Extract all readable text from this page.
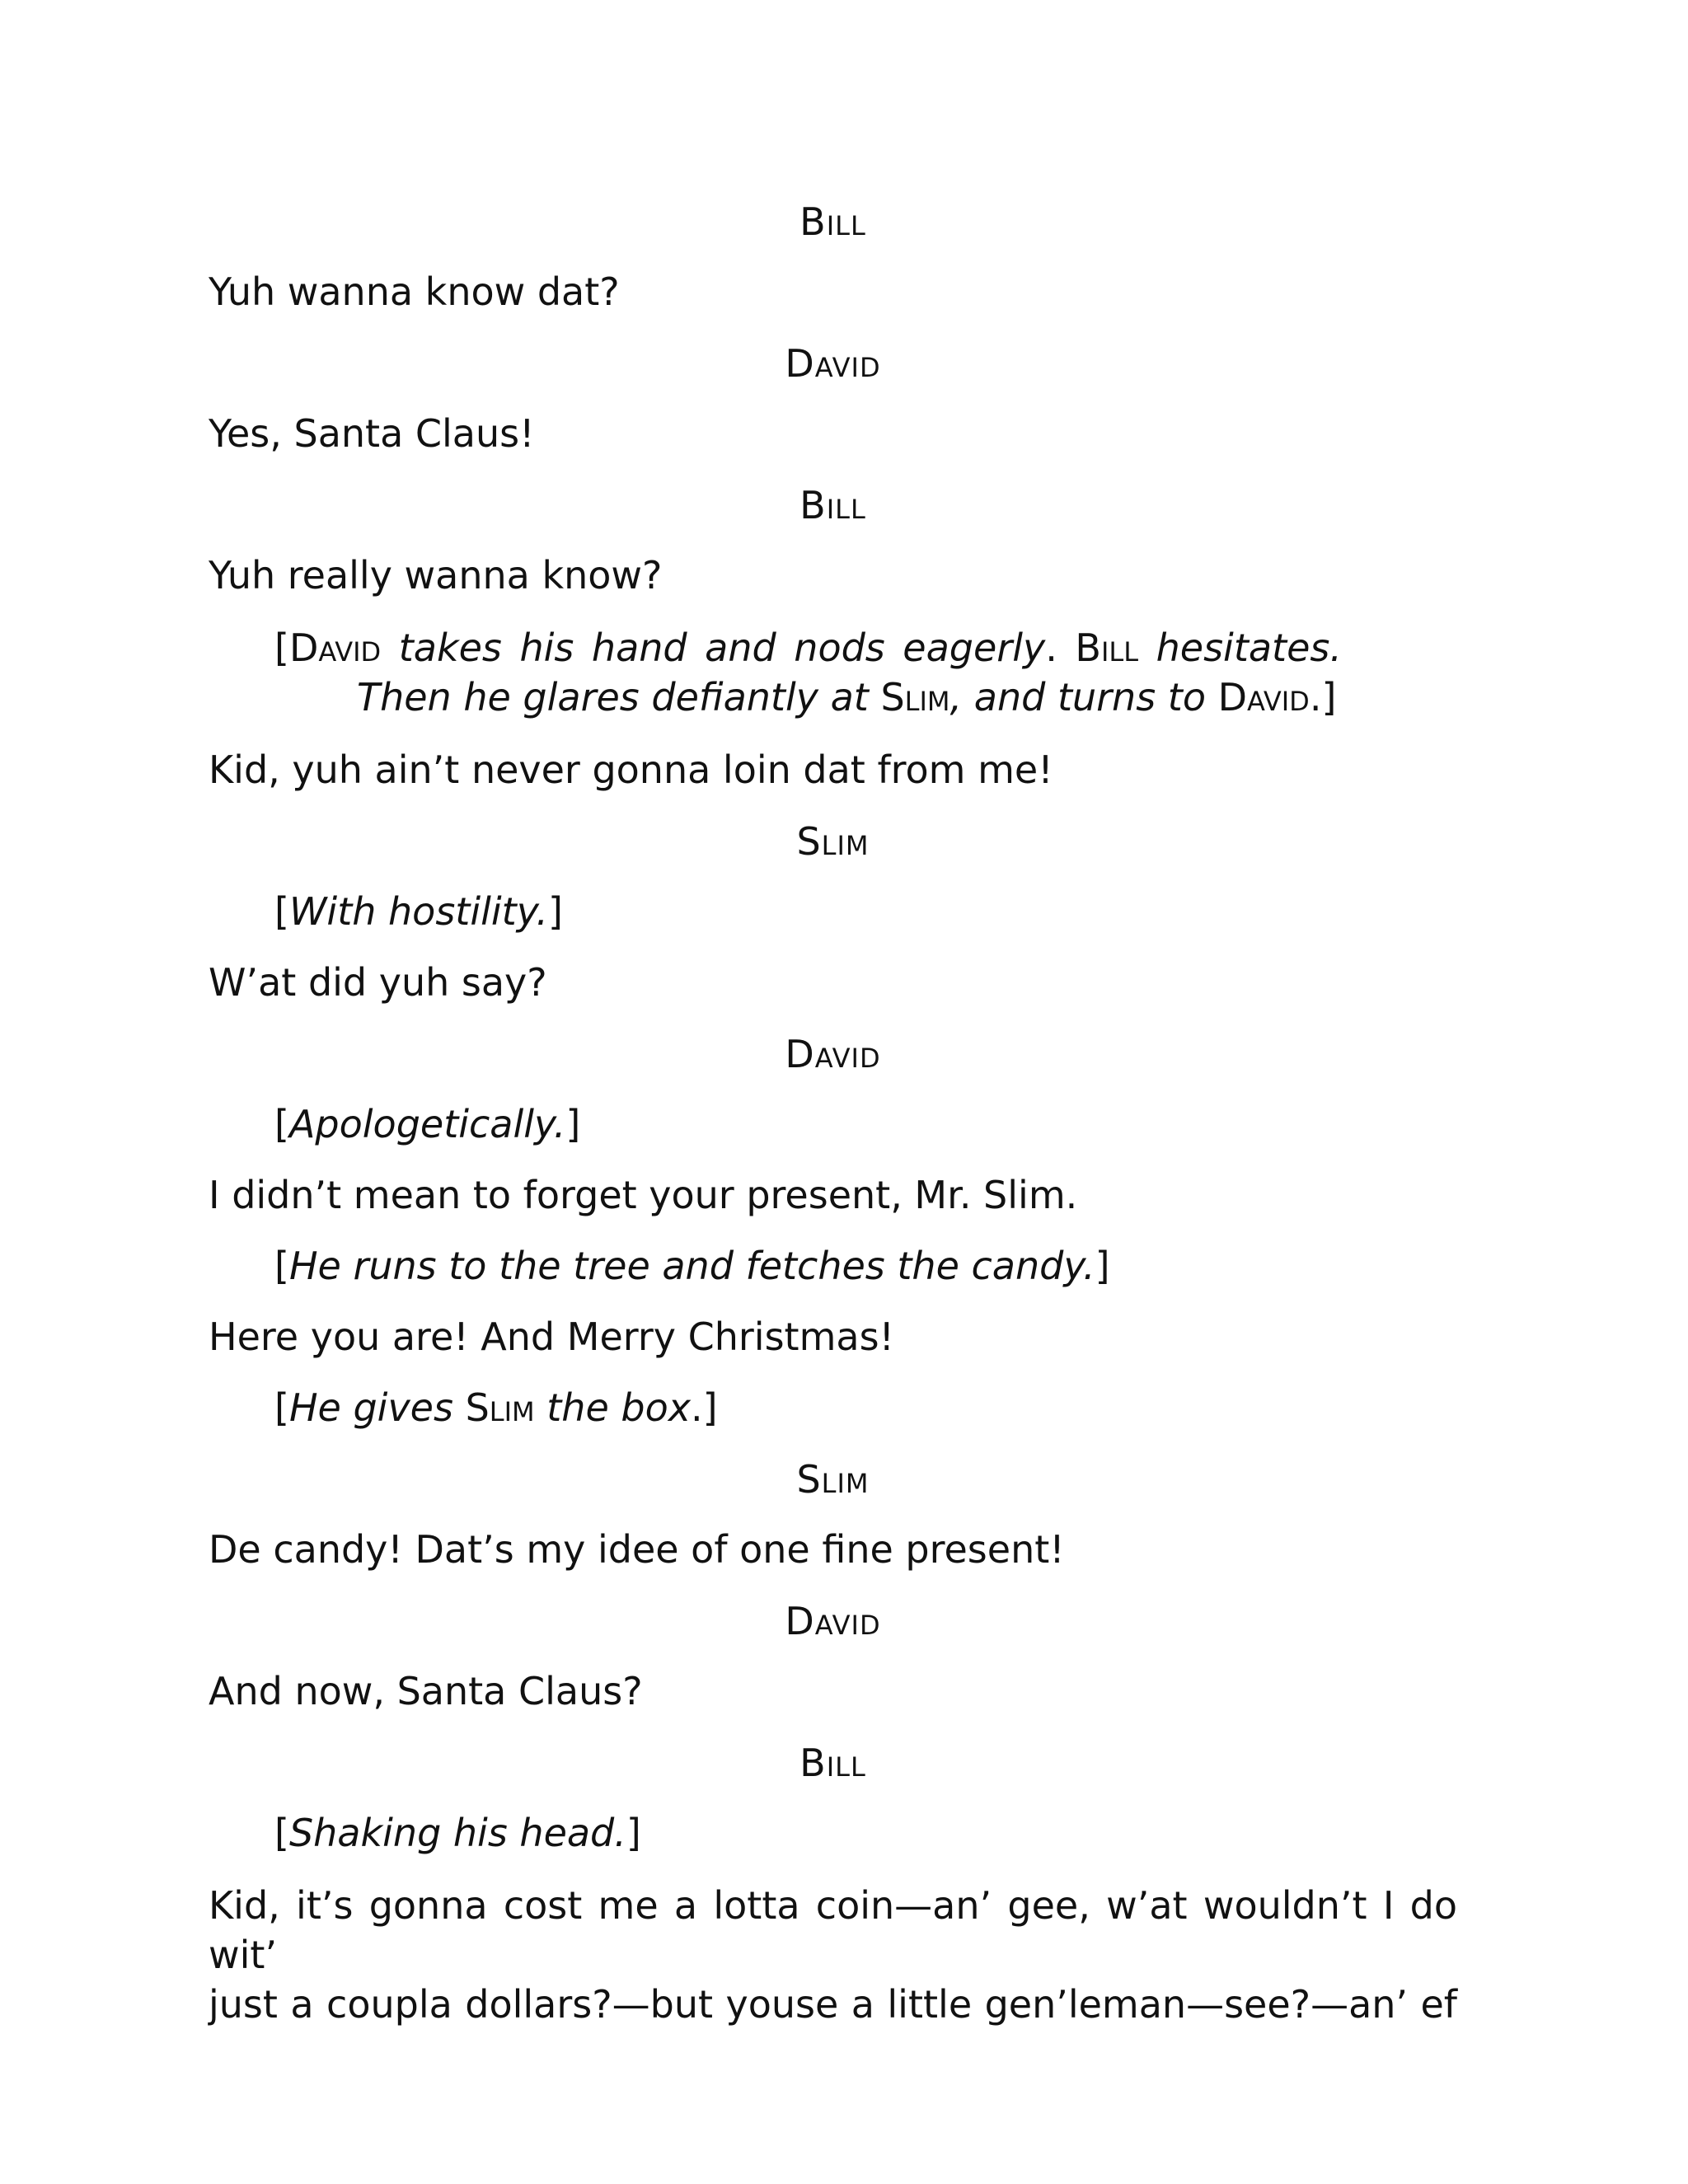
Bill
Yuh wanna know dat?
David
Yes, Santa Claus!
Bill
Yuh really wanna know?
[David takes his hand and nods eagerly. Bill hesitates.
Then he glares defiantly at Slim, and turns to David.]
Kid, yuh ain’t never gonna loin dat from me!
Slim
[With hostility.]
W’at did yuh say?
David
[Apologetically.]
I didn’t mean to forget your present, Mr. Slim.
[He runs to the tree and fetches the candy.]
Here you are! And Merry Christmas!
[He gives Slim the box.]
Slim
De candy! Dat’s my idee of one fine present!
David
And now, Santa Claus?
Bill
[Shaking his head.]
Kid, it’s gonna cost me a lotta coin—an’ gee, w’at wouldn’t I do wit’
just a coupla dollars?—but youse a little gen’leman—see?—an’ ef
